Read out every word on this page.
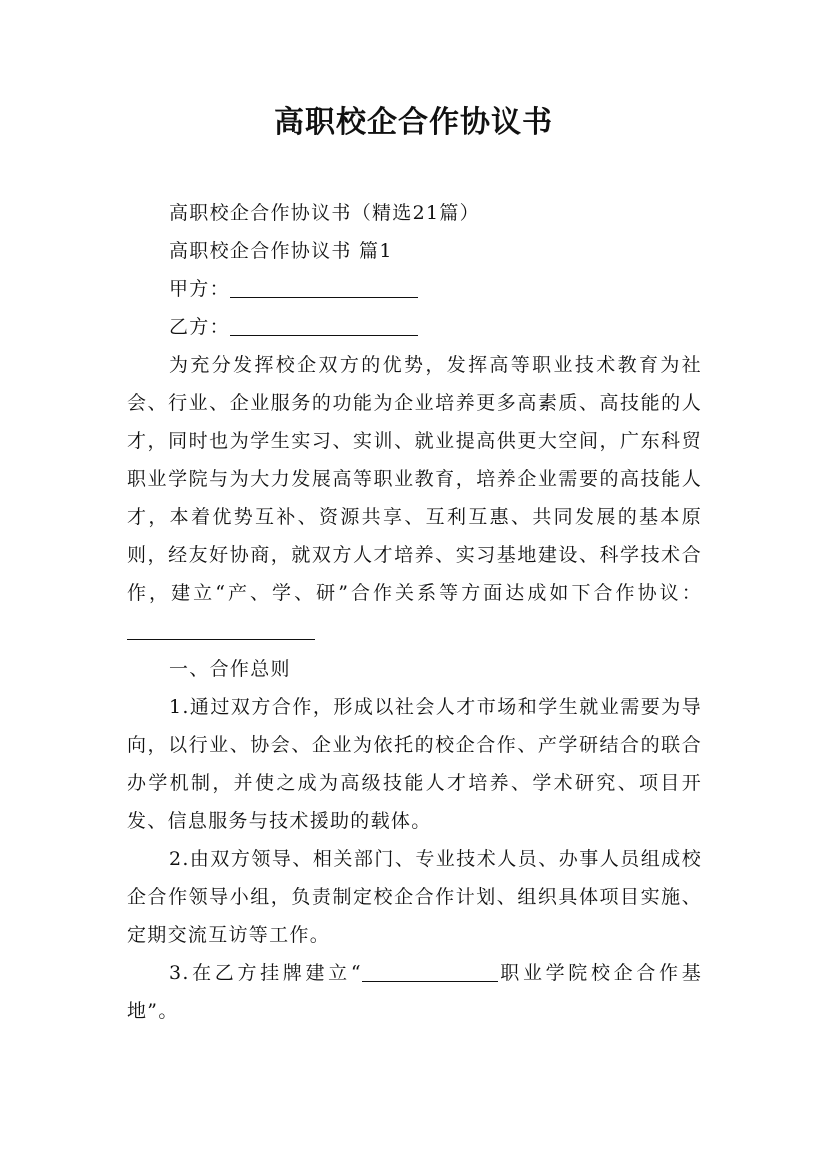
高职校企合作协议书

高职校企合作协议书（精选21篇）

高职校企合作协议书 篇1

甲方：

乙方：

为充分发挥校企双方的优势，发挥高等职业技术教育为社会、行业、企业服务的功能为企业培养更多高素质、高技能的人才，同时也为学生实习、实训、就业提高供更大空间，广东科贸职业学院与为大力发展高等职业教育，培养企业需要的高技能人才，本着优势互补、资源共享、互利互惠、共同发展的基本原则，经友好协商，就双方人才培养、实习基地建设、科学技术合作，建立“产、学、研”合作关系等方面达成如下合作协议：

一、合作总则

1.通过双方合作，形成以社会人才市场和学生就业需要为导向，以行业、协会、企业为依托的校企合作、产学研结合的联合办学机制，并使之成为高级技能人才培养、学术研究、项目开发、信息服务与技术援助的载体。

2.由双方领导、相关部门、专业技术人员、办事人员组成校企合作领导小组，负责制定校企合作计划、组织具体项目实施、定期交流互访等工作。

3.在乙方挂牌建立“	职业学院校企合作基地”。
